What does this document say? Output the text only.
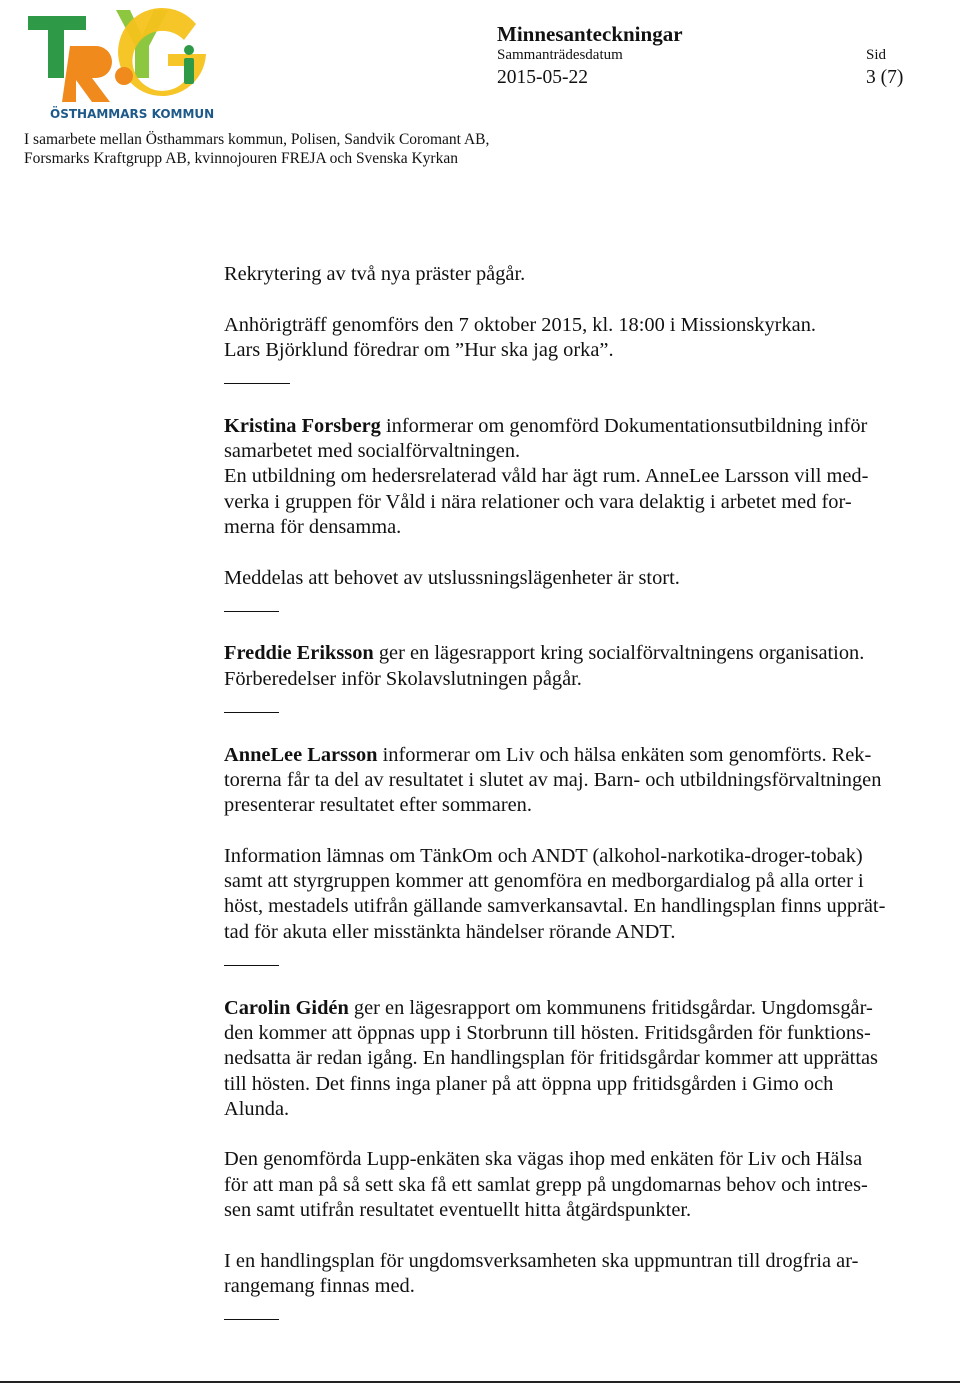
ÖSTHAMMARS KOMMUN

I samarbete mellan Östhammars kommun, Polisen, Sandvik Coromant AB, Forsmarks Kraftgrupp AB, kvinnojouren FREJA och Svenska Kyrkan

Minnesanteckningar
Sammanträdesdatum	Sid
2015-05-22	3 (7)

Rekrytering av två nya präster pågår.

Anhörigträff genomförs den 7 oktober 2015, kl. 18:00 i Missionskyrkan.

Lars Björklund föredrar om ”Hur ska jag orka”.

Kristina Forsberg informerar om genomförd Dokumentationsutbildning inför

samarbetet med socialförvaltningen.

En utbildning om hedersrelaterad våld har ägt rum. AnneLee Larsson vill med-

verka i gruppen för Våld i nära relationer och vara delaktig i arbetet med for-

merna för densamma.

Meddelas att behovet av utslussningslägenheter är stort.

Freddie Eriksson ger en lägesrapport kring socialförvaltningens organisation.

Förberedelser inför Skolavslutningen pågår.

AnneLee Larsson informerar om Liv och hälsa enkäten som genomförts. Rek-

torerna får ta del av resultatet i slutet av maj. Barn- och utbildningsförvaltningen

presenterar resultatet efter sommaren.

Information lämnas om TänkOm och ANDT (alkohol-narkotika-droger-tobak)

samt att styrgruppen kommer att genomföra en medborgardialog på alla orter i

höst, mestadels utifrån gällande samverkansavtal. En handlingsplan finns upprät-

tad för akuta eller misstänkta händelser rörande ANDT.

Carolin Gidén ger en lägesrapport om kommunens fritidsgårdar. Ungdomsgår-

den kommer att öppnas upp i Storbrunn till hösten. Fritidsgården för funktions-

nedsatta är redan igång. En handlingsplan för fritidsgårdar kommer att upprättas

till hösten. Det finns inga planer på att öppna upp fritidsgården i Gimo och

Alunda.

Den genomförda Lupp-enkäten ska vägas ihop med enkäten för Liv och Hälsa

för att man på så sett ska få ett samlat grepp på ungdomarnas behov och intres-

sen samt utifrån resultatet eventuellt hitta åtgärdspunkter.

I en handlingsplan för ungdomsverksamheten ska uppmuntran till drogfria ar-

rangemang finnas med.
